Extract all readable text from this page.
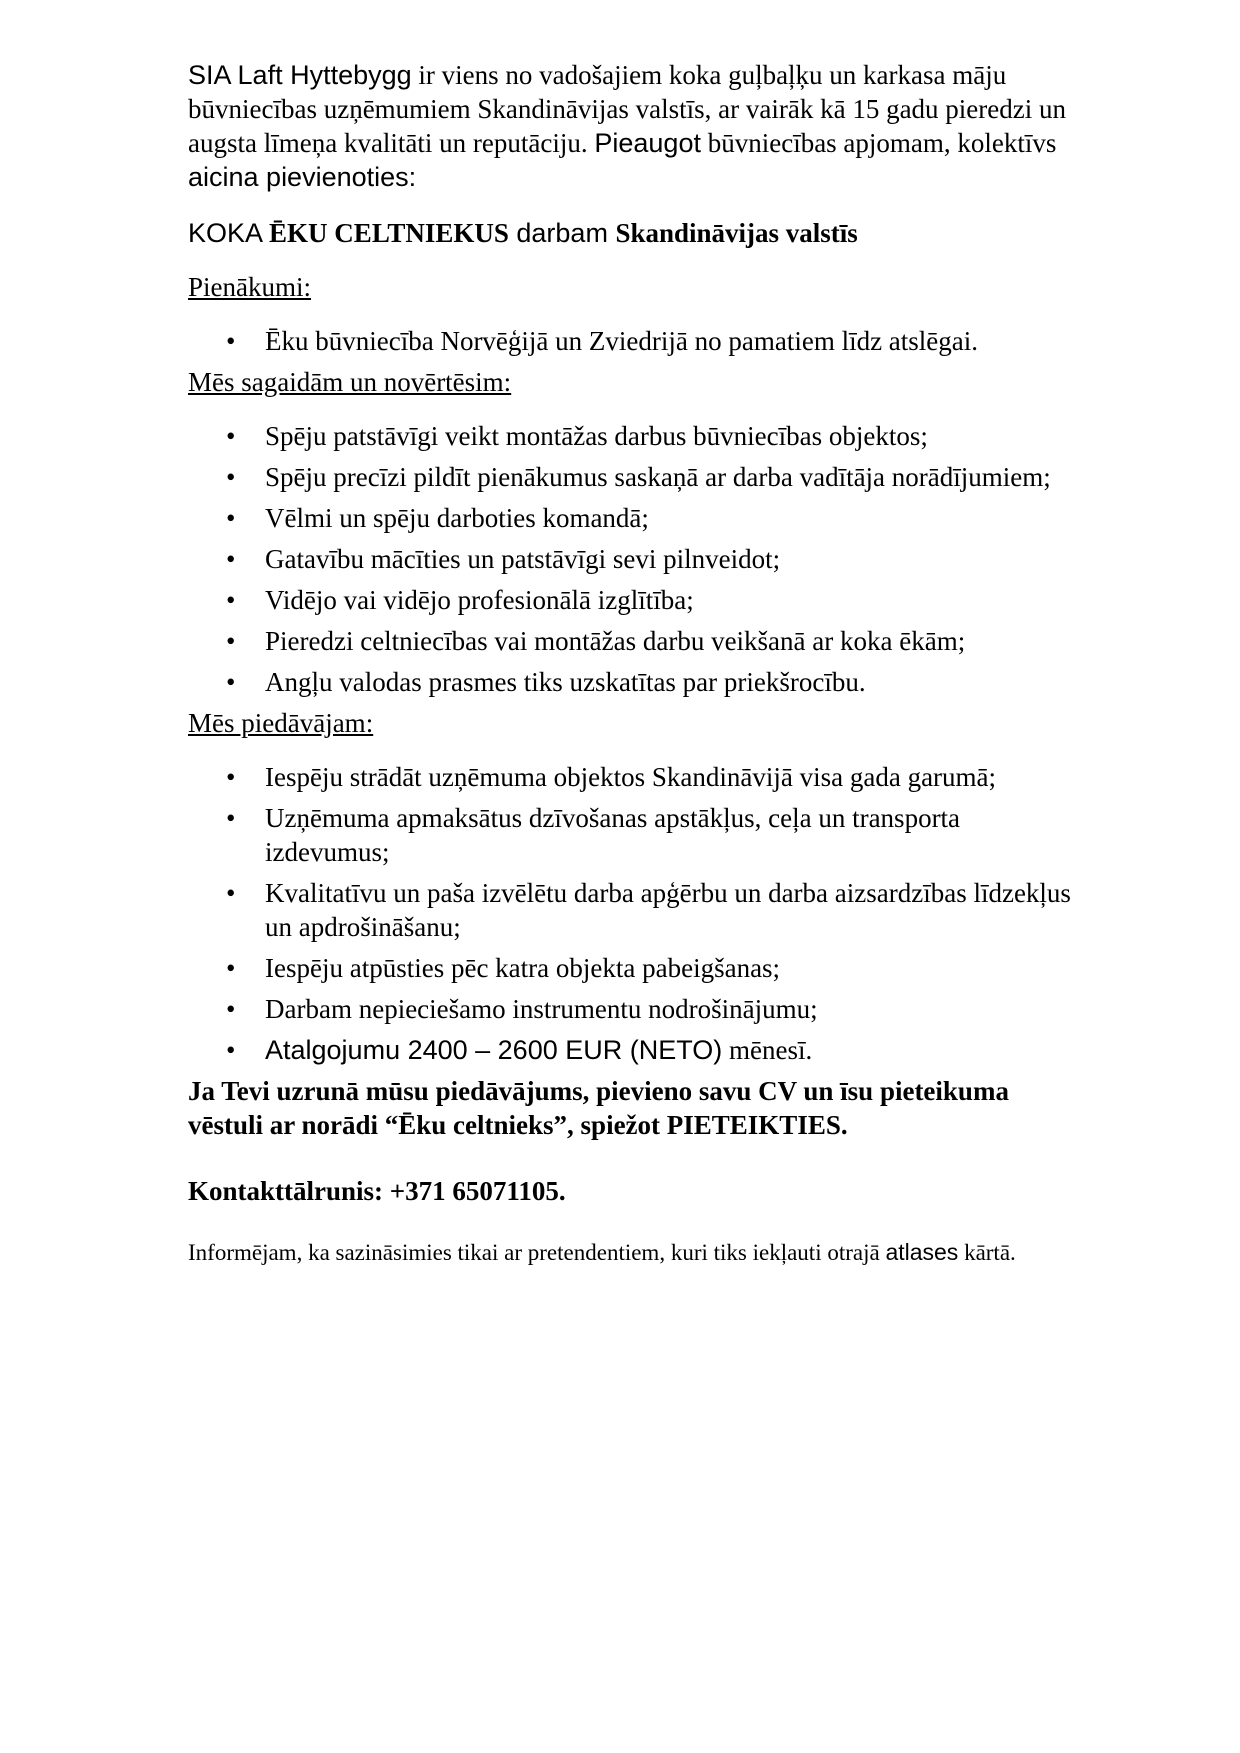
SIA Laft Hyttebygg ir viens no vadošajiem koka guļbaļķu un karkasa māju būvniecības uzņēmumiem Skandināvijas valstīs, ar vairāk kā 15 gadu pieredzi un augsta līmeņa kvalitāti un reputāciju. Pieaugot būvniecības apjomam, kolektīvs aicina pievienoties:

KOKA ĒKU CELTNIEKUS darbam Skandināvijas valstīs

Pienākumi:

• Ēku būvniecība Norvēģijā un Zviedrijā no pamatiem līdz atslēgai.

Mēs sagaidām un novērtēsim:

• Spēju patstāvīgi veikt montāžas darbus būvniecības objektos;
• Spēju precīzi pildīt pienākumus saskaņā ar darba vadītāja norādījumiem;
• Vēlmi un spēju darboties komandā;
• Gatavību mācīties un patstāvīgi sevi pilnveidot;
• Vidējo vai vidējo profesionālā izglītība;
• Pieredzi celtniecības vai montāžas darbu veikšanā ar koka ēkām;
• Angļu valodas prasmes tiks uzskatītas par priekšrocību.

Mēs piedāvājam:

• Iespēju strādāt uzņēmuma objektos Skandināvijā visa gada garumā;
• Uzņēmuma apmaksātus dzīvošanas apstākļus, ceļa un transporta izdevumus;
• Kvalitatīvu un paša izvēlētu darba apģērbu un darba aizsardzības līdzekļus un apdrošināšanu;
• Iespēju atpūsties pēc katra objekta pabeigšanas;
• Darbam nepieciešamo instrumentu nodrošinājumu;
• Atalgojumu 2400 – 2600 EUR (NETO) mēnesī.

Ja Tevi uzrunā mūsu piedāvājums, pievieno savu CV un īsu pieteikuma vēstuli ar norādi “Ēku celtnieks”, spiežot PIETEIKTIES.

Kontakttālrunis: +371 65071105.

Informējam, ka sazināsimies tikai ar pretendentiem, kuri tiks iekļauti otrajā atlases kārtā.
